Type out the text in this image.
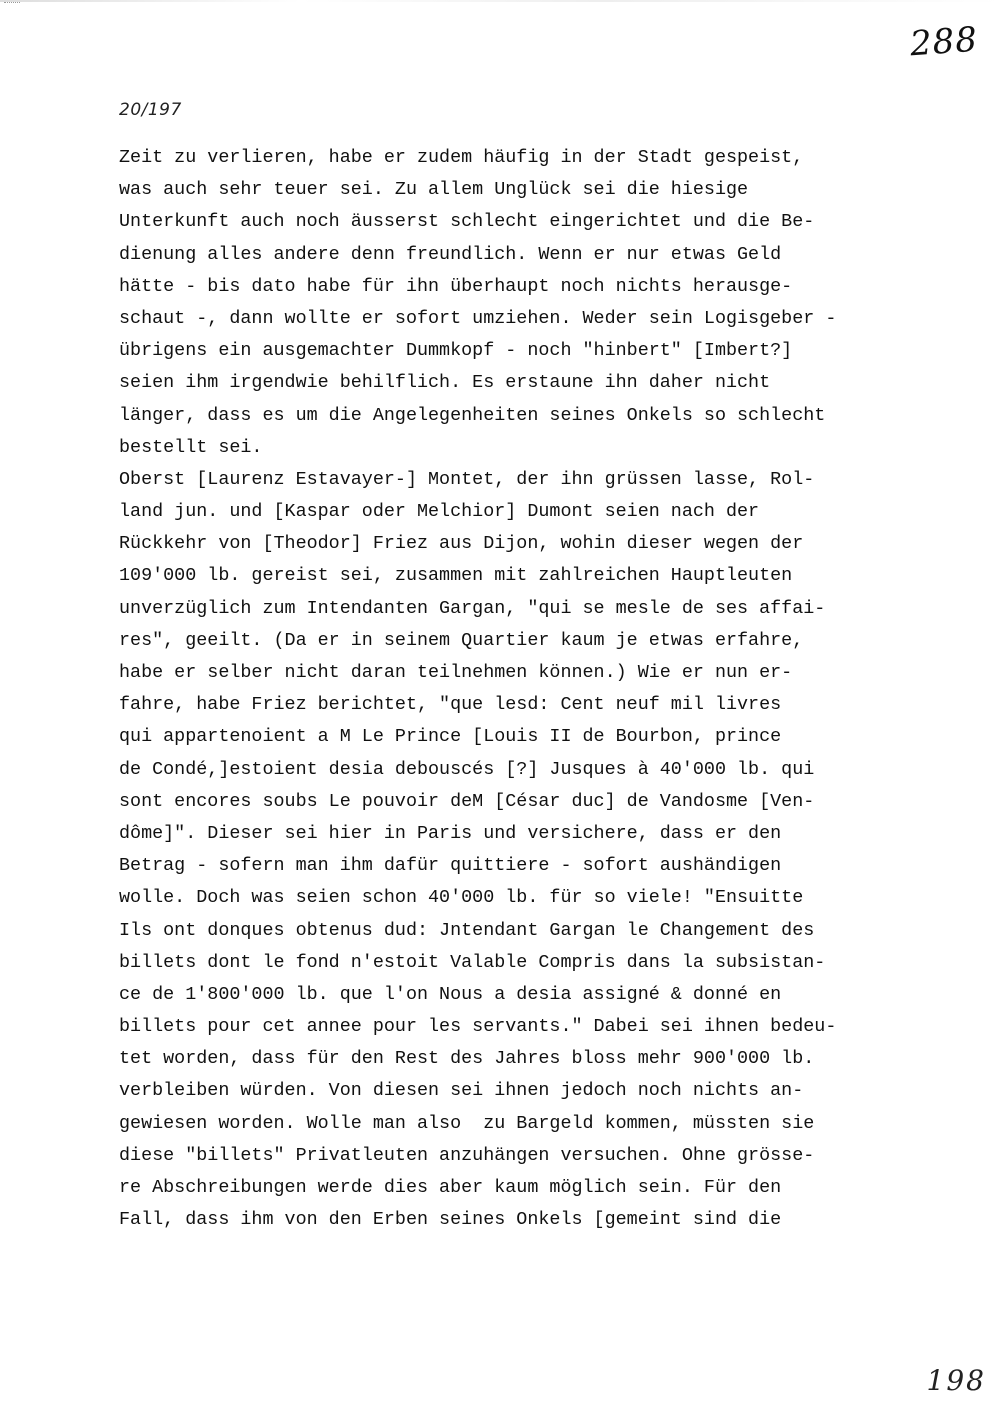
288
20/197
Zeit zu verlieren, habe er zudem häufig in der Stadt gespeist,
was auch sehr teuer sei. Zu allem Unglück sei die hiesige
Unterkunft auch noch äusserst schlecht eingerichtet und die Be-
dienung alles andere denn freundlich. Wenn er nur etwas Geld
hätte - bis dato habe für ihn überhaupt noch nichts herausge-
schaut -, dann wollte er sofort umziehen. Weder sein Logisgeber -
übrigens ein ausgemachter Dummkopf - noch "hinbert" [Imbert?]
seien ihm irgendwie behilflich. Es erstaune ihn daher nicht
länger, dass es um die Angelegenheiten seines Onkels so schlecht
bestellt sei.
Oberst [Laurenz Estavayer-] Montet, der ihn grüssen lasse, Rol-
land jun. und [Kaspar oder Melchior] Dumont seien nach der
Rückkehr von [Theodor] Friez aus Dijon, wohin dieser wegen der
109'000 lb. gereist sei, zusammen mit zahlreichen Hauptleuten
unverzüglich zum Intendanten Gargan, "qui se mesle de ses affai-
res", geeilt. (Da er in seinem Quartier kaum je etwas erfahre,
habe er selber nicht daran teilnehmen können.) Wie er nun er-
fahre, habe Friez berichtet, "que lesd: Cent neuf mil livres
qui appartenoient a M Le Prince [Louis II de Bourbon, prince
de Condé,]estoient desia debouscés [?] Jusques à 40'000 lb. qui
sont encores soubs Le pouvoir deM [César duc] de Vandosme [Ven-
dôme]". Dieser sei hier in Paris und versichere, dass er den
Betrag - sofern man ihm dafür quittiere - sofort aushändigen
wolle. Doch was seien schon 40'000 lb. für so viele! "Ensuitte
Ils ont donques obtenus dud: Jntendant Gargan le Changement des
billets dont le fond n'estoit Valable Compris dans la subsistan-
ce de 1'800'000 lb. que l'on Nous a desia assigné & donné en
billets pour cet annee pour les servants." Dabei sei ihnen bedeu-
tet worden, dass für den Rest des Jahres bloss mehr 900'000 lb.
verbleiben würden. Von diesen sei ihnen jedoch noch nichts an-
gewiesen worden. Wolle man also  zu Bargeld kommen, müssten sie
diese "billets" Privatleuten anzuhängen versuchen. Ohne grösse-
re Abschreibungen werde dies aber kaum möglich sein. Für den
Fall, dass ihm von den Erben seines Onkels [gemeint sind die
198
